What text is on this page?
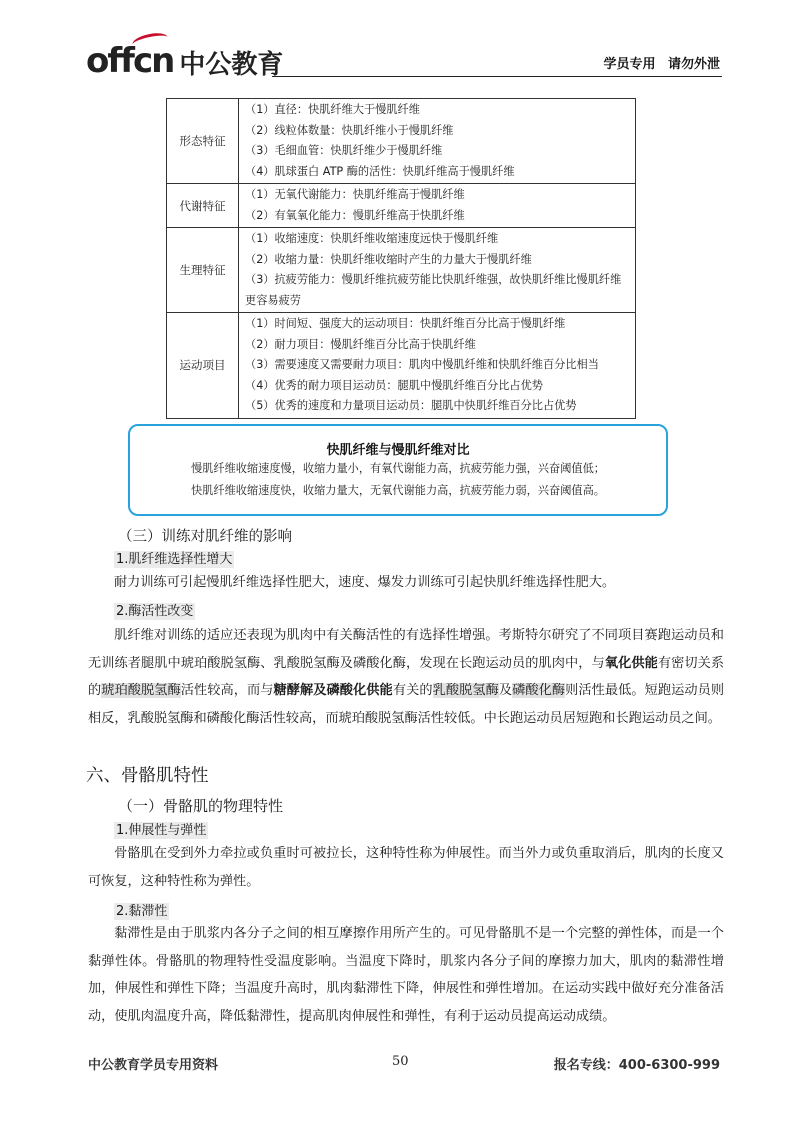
offcn 中公教育	学员专用 请勿外泄
形态特征	（1）直径：快肌纤维大于慢肌纤维
（2）线粒体数量：快肌纤维小于慢肌纤维
（3）毛细血管：快肌纤维少于慢肌纤维
（4）肌球蛋白 ATP 酶的活性：快肌纤维高于慢肌纤维

代谢特征	（1）无氧代谢能力：快肌纤维高于慢肌纤维
（2）有氧氧化能力：慢肌纤维高于快肌纤维

生理特征	（1）收缩速度：快肌纤维收缩速度远快于慢肌纤维
（2）收缩力量：快肌纤维收缩时产生的力量大于慢肌纤维
（3）抗疲劳能力：慢肌纤维抗疲劳能比快肌纤维强，故快肌纤维比慢肌纤维更容易疲劳

运动项目	（1）时间短、强度大的运动项目：快肌纤维百分比高于慢肌纤维
（2）耐力项目：慢肌纤维百分比高于快肌纤维
（3）需要速度又需要耐力项目：肌肉中慢肌纤维和快肌纤维百分比相当
（4）优秀的耐力项目运动员：腿肌中慢肌纤维百分比占优势
（5）优秀的速度和力量项目运动员：腿肌中快肌纤维百分比占优势
快肌纤维与慢肌纤维对比
慢肌纤维收缩速度慢，收缩力量小，有氧代谢能力高，抗疲劳能力强，兴奋阈值低；
快肌纤维收缩速度快，收缩力量大，无氧代谢能力高，抗疲劳能力弱，兴奋阈值高。
（三）训练对肌纤维的影响
1.肌纤维选择性增大
耐力训练可引起慢肌纤维选择性肥大，速度、爆发力训练可引起快肌纤维选择性肥大。
2.酶活性改变
肌纤维对训练的适应还表现为肌肉中有关酶活性的有选择性增强。考斯特尔研究了不同项目赛跑运动员和无训练者腿肌中琥珀酸脱氢酶、乳酸脱氢酶及磷酸化酶，发现在长跑运动员的肌肉中，与氧化供能有密切关系的琥珀酸脱氢酶活性较高，而与糖酵解及磷酸化供能有关的乳酸脱氢酶及磷酸化酶则活性最低。短跑运动员则相反，乳酸脱氢酶和磷酸化酶活性较高，而琥珀酸脱氢酶活性较低。中长跑运动员居短跑和长跑运动员之间。
六、骨骼肌特性
（一）骨骼肌的物理特性
1.伸展性与弹性
骨骼肌在受到外力牵拉或负重时可被拉长，这种特性称为伸展性。而当外力或负重取消后，肌肉的长度又可恢复，这种特性称为弹性。
2.黏滞性
黏滞性是由于肌浆内各分子之间的相互摩擦作用所产生的。可见骨骼肌不是一个完整的弹性体，而是一个黏弹性体。骨骼肌的物理特性受温度影响。当温度下降时，肌浆内各分子间的摩擦力加大，肌肉的黏滞性增加，伸展性和弹性下降；当温度升高时，肌肉黏滞性下降，伸展性和弹性增加。在运动实践中做好充分准备活动，使肌肉温度升高，降低黏滞性，提高肌肉伸展性和弹性，有利于运动员提高运动成绩。
中公教育学员专用资料	50	报名专线：400-6300-999
